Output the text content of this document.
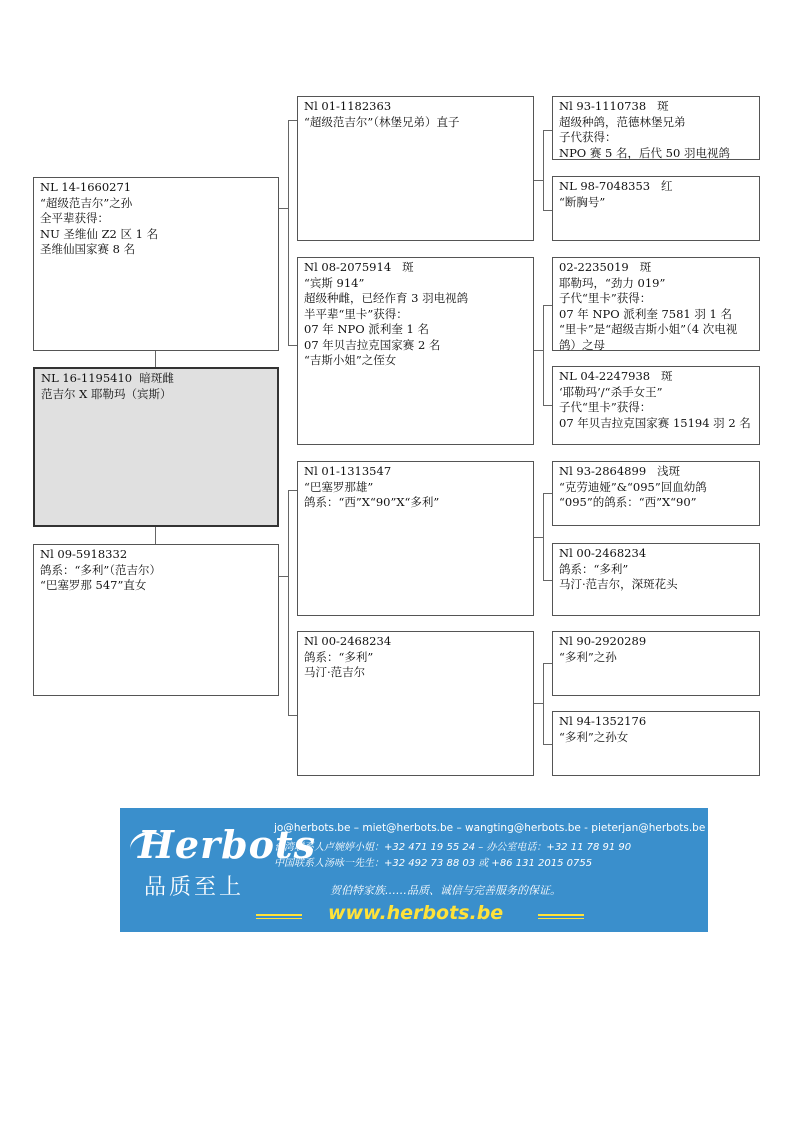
NL 14-1660271
“超级范吉尔”之孙
全平辈获得：
NU 圣维仙 Z2 区 1 名
圣维仙国家赛 8 名
NL 16-1195410  暗斑雌
范吉尔 X 耶勒玛（宾斯）
Nl 09-5918332
鸽系：“多利”（范吉尔）
“巴塞罗那 547”直女
Nl 01-1182363
“超级范吉尔”（林堡兄弟）直子
Nl 08-2075914   斑
“宾斯 914”
超级种雌，已经作育 3 羽电视鸽
半平辈“里卡”获得：
07 年 NPO 派利奎 1 名
07 年贝吉拉克国家赛 2 名
“吉斯小姐”之侄女
Nl 01-1313547
“巴塞罗那雄”
鸽系：“西”X“90”X“多利”
Nl 00-2468234
鸽系：“多利”
马汀·范吉尔
Nl 93-1110738   斑
超级种鸽，范德林堡兄弟
子代获得：
NPO 赛 5 名，后代 50 羽电视鸽
NL 98-7048353   红
“断胸号”
02-2235019   斑
耶勒玛，“劲力 019”
子代“里卡”获得：
07 年 NPO 派利奎 7581 羽 1 名
“里卡”是“超级吉斯小姐”（4 次电视鸽）之母
NL 04-2247938   斑
‘耶勒玛’/“杀手女王”
子代“里卡”获得：
07 年贝吉拉克国家赛 15194 羽 2 名
Nl 93-2864899   浅斑
“克劳迪娅”&“095”回血幼鸽
“095”的鸽系：“西”X“90”
Nl 00-2468234
鸽系：“多利”
马汀·范吉尔，深斑花头
Nl 90-2920289
“多利”之孙
Nl 94-1352176
“多利”之孙女
Herbots
品质至上
jo@herbots.be – miet@herbots.be – wangting@herbots.be - pieterjan@herbots.be
台湾联系人卢婉婷小姐：+32 471 19 55 24 – 办公室电话：+32 11 78 91 90
中国联系人汤咏一先生：+32 492 73 88 03 或 +86 131 2015 0755
贺伯特家族……品质、诚信与完善服务的保证。
www.herbots.be
